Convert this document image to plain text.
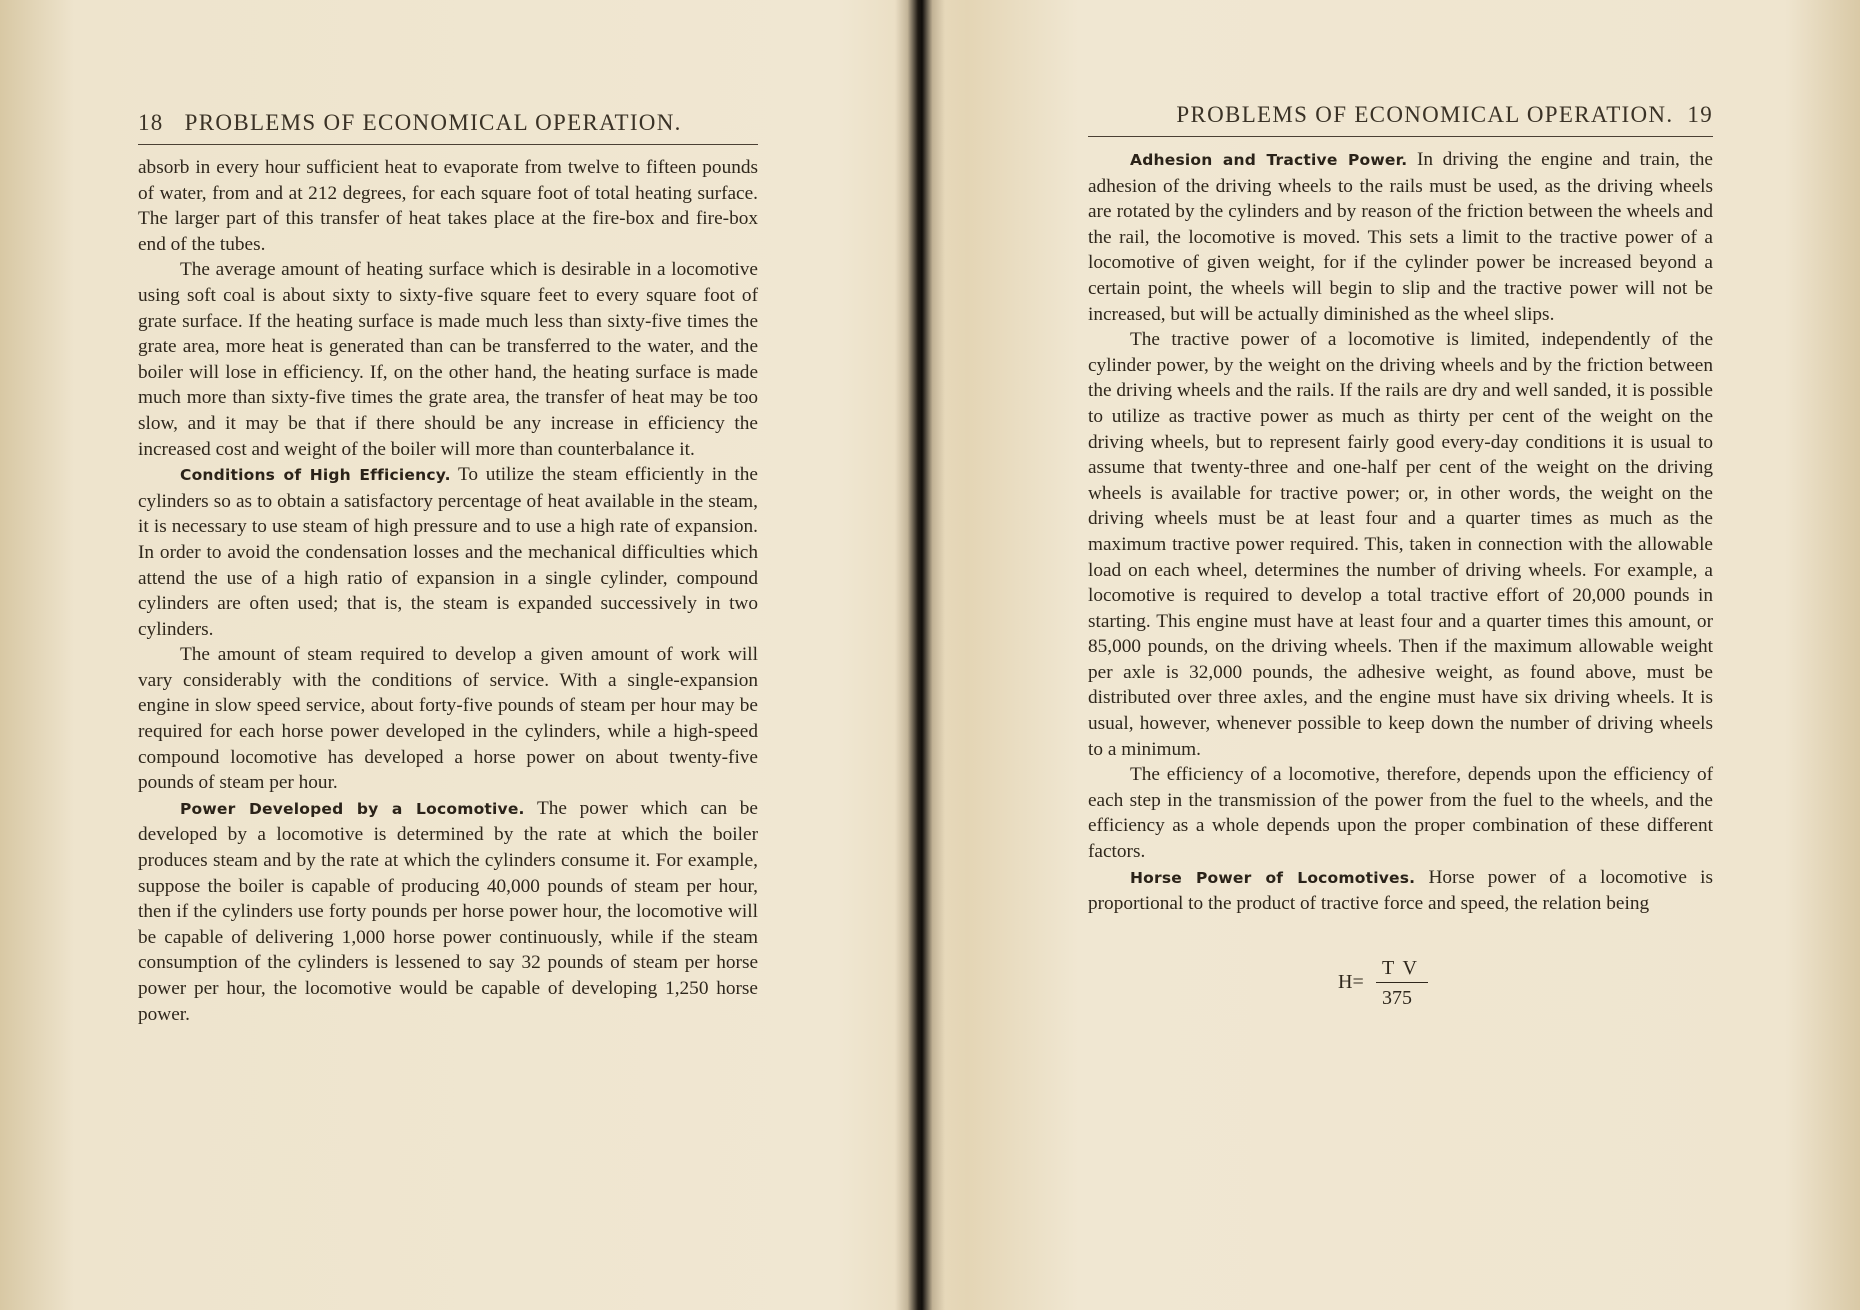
18 PROBLEMS OF ECONOMICAL OPERATION.

absorb in every hour sufficient heat to evaporate from twelve to fifteen pounds of water, from and at 212 degrees, for each square foot of total heating surface. The larger part of this transfer of heat takes place at the fire-box and fire-box end of the tubes.

The average amount of heating surface which is desirable in a locomotive using soft coal is about sixty to sixty-five square feet to every square foot of grate surface. If the heating surface is made much less than sixty-five times the grate area, more heat is generated than can be transferred to the water, and the boiler will lose in efficiency. If, on the other hand, the heating surface is made much more than sixty-five times the grate area, the transfer of heat may be too slow, and it may be that if there should be any increase in efficiency the increased cost and weight of the boiler will more than counterbalance it.

Conditions of High Efficiency. To utilize the steam efficiently in the cylinders so as to obtain a satisfactory percentage of heat available in the steam, it is necessary to use steam of high pressure and to use a high rate of expansion. In order to avoid the condensation losses and the mechanical difficulties which attend the use of a high ratio of expansion in a single cylinder, compound cylinders are often used; that is, the steam is expanded successively in two cylinders.

The amount of steam required to develop a given amount of work will vary considerably with the conditions of service. With a single-expansion engine in slow speed service, about forty-five pounds of steam per hour may be required for each horse power developed in the cylinders, while a high-speed compound locomotive has developed a horse power on about twenty-five pounds of steam per hour.

Power Developed by a Locomotive. The power which can be developed by a locomotive is determined by the rate at which the boiler produces steam and by the rate at which the cylinders consume it. For example, suppose the boiler is capable of producing 40,000 pounds of steam per hour, then if the cylinders use forty pounds per horse power hour, the locomotive will be capable of delivering 1,000 horse power continuously, while if the steam consumption of the cylinders is lessened to say 32 pounds of steam per horse power per hour, the locomotive would be capable of developing 1,250 horse power.

19
PROBLEMS OF ECONOMICAL OPERATION.

Adhesion and Tractive Power. In driving the engine and train, the adhesion of the driving wheels to the rails must be used, as the driving wheels are rotated by the cylinders and by reason of the friction between the wheels and the rail, the locomotive is moved. This sets a limit to the tractive power of a locomotive of given weight, for if the cylinder power be increased beyond a certain point, the wheels will begin to slip and the tractive power will not be increased, but will be actually diminished as the wheel slips.

The tractive power of a locomotive is limited, independently of the cylinder power, by the weight on the driving wheels and by the friction between the driving wheels and the rails. If the rails are dry and well sanded, it is possible to utilize as tractive power as much as thirty per cent of the weight on the driving wheels, but to represent fairly good every-day conditions it is usual to assume that twenty-three and one-half per cent of the weight on the driving wheels is available for tractive power; or, in other words, the weight on the driving wheels must be at least four and a quarter times as much as the maximum tractive power required. This, taken in connection with the allowable load on each wheel, determines the number of driving wheels. For example, a locomotive is required to develop a total tractive effort of 20,000 pounds in starting. This engine must have at least four and a quarter times this amount, or 85,000 pounds, on the driving wheels. Then if the maximum allowable weight per axle is 32,000 pounds, the adhesive weight, as found above, must be distributed over three axles, and the engine must have six driving wheels. It is usual, however, whenever possible to keep down the number of driving wheels to a minimum.

The efficiency of a locomotive, therefore, depends upon the efficiency of each step in the transmission of the power from the fuel to the wheels, and the efficiency as a whole depends upon the proper combination of these different factors.

Horse Power of Locomotives. Horse power of a locomotive is proportional to the product of tractive force and speed, the relation being

H=
T V
375
